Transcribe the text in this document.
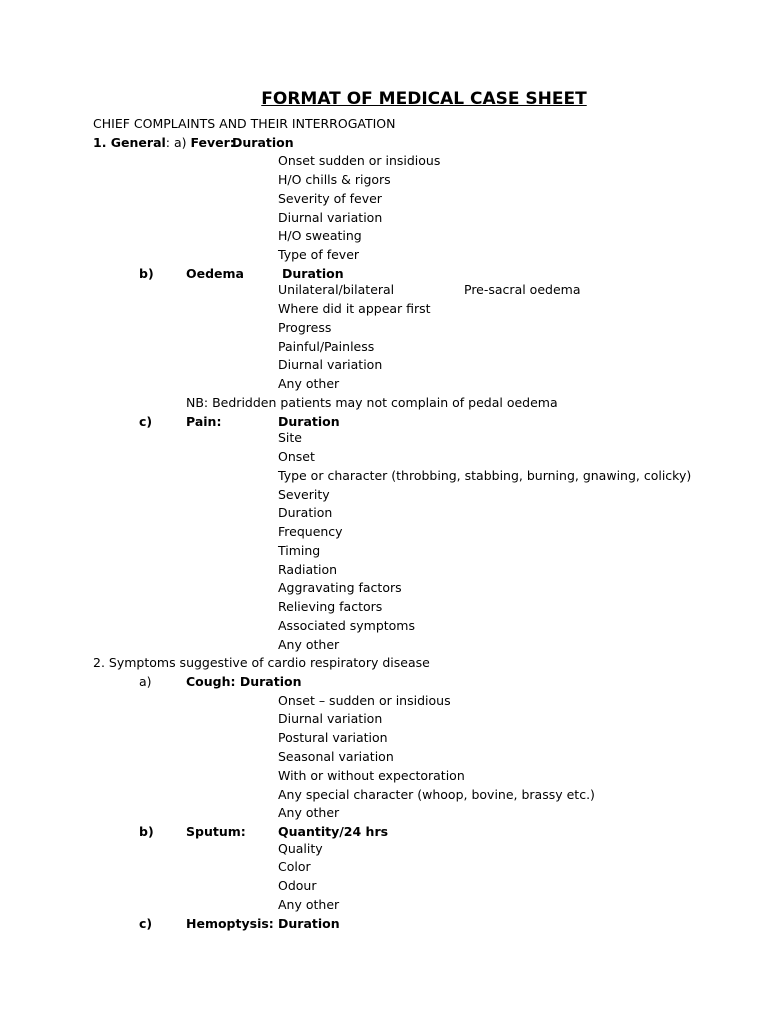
FORMAT OF MEDICAL CASE SHEET
CHIEF COMPLAINTS AND THEIR INTERROGATION
1. General: a) Fever:
Duration
Onset sudden or insidious
H/O chills & rigors
Severity of fever
Diurnal variation
H/O sweating
Type of fever
b)	Oedema	Duration
Unilateral/bilateral	Pre-sacral oedema
Where did it appear first
Progress
Painful/Painless
Diurnal variation
Any other
NB: Bedridden patients may not complain of pedal oedema
c)	Pain:	Duration
Site
Onset
Type or character (throbbing, stabbing, burning, gnawing, colicky)
Severity
Duration
Frequency
Timing
Radiation
Aggravating factors
Relieving factors
Associated symptoms
Any other
2. Symptoms suggestive of cardio respiratory disease
a)	Cough: Duration
Onset – sudden or insidious
Diurnal variation
Postural variation
Seasonal variation
With or without expectoration
Any special character (whoop, bovine, brassy etc.)
Any other
b)	Sputum:	Quantity/24 hrs
Quality
Color
Odour
Any other
c)	Hemoptysis: Duration
